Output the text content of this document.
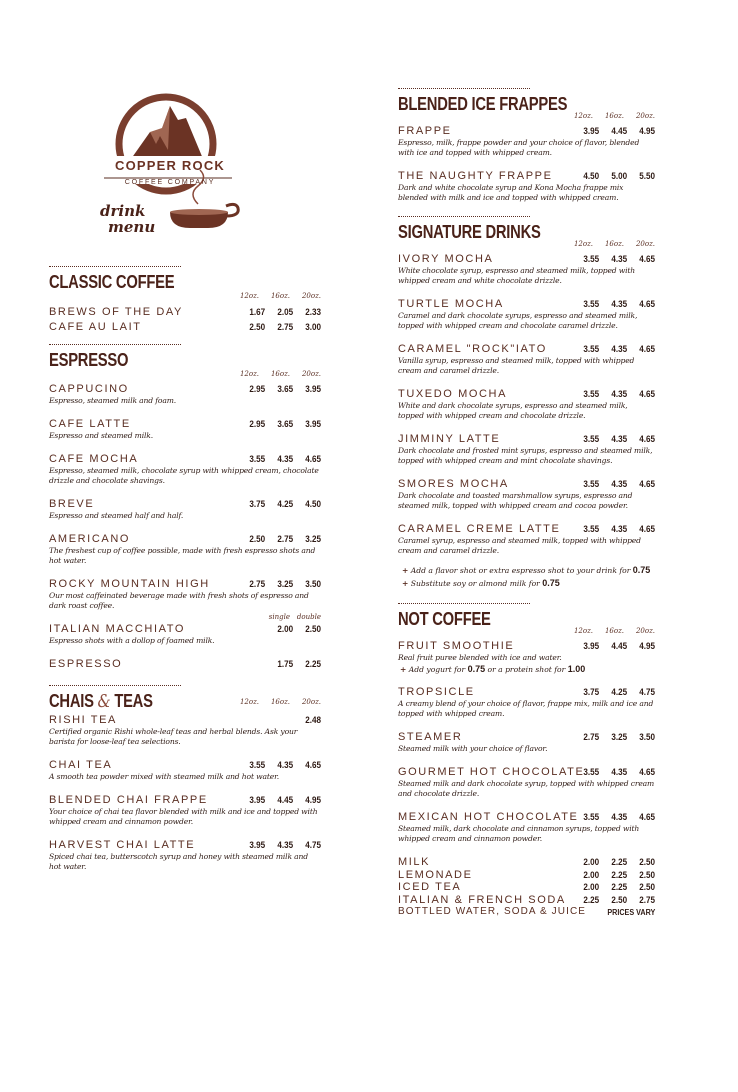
COPPER ROCK
COFFEE COMPANY
drink
menu
CLASSIC COFFEE
12oz. 16oz. 20oz.
BREWS OF THE DAY	1.67 2.05 2.33
CAFE AU LAIT	2.50 2.75 3.00
ESPRESSO
12oz. 16oz. 20oz.
CAPPUCINO	2.95 3.65 3.95
Espresso, steamed milk and foam.
CAFE LATTE	2.95 3.65 3.95
Espresso and steamed milk.
CAFE MOCHA	3.55 4.35 4.65
Espresso, steamed milk, chocolate syrup with whipped cream, chocolate drizzle and chocolate shavings.
BREVE	3.75 4.25 4.50
Espresso and steamed half and half.
AMERICANO	2.50 2.75 3.25
The freshest cup of coffee possible, made with fresh espresso shots and hot water.
ROCKY MOUNTAIN HIGH	2.75 3.25 3.50
Our most caffeinated beverage made with fresh shots of espresso and dark roast coffee.
single double
ITALIAN MACCHIATO	2.00 2.50
Espresso shots with a dollop of foamed milk.
ESPRESSO	1.75 2.25
CHAIS & TEAS	12oz. 16oz. 20oz.
RISHI TEA	2.48
Certified organic Rishi whole-leaf teas and herbal blends. Ask your barista for loose-leaf tea selections.
CHAI TEA	3.55 4.35 4.65
A smooth tea powder mixed with steamed milk and hot water.
BLENDED CHAI FRAPPE	3.95 4.45 4.95
Your choice of chai tea flavor blended with milk and ice and topped with whipped cream and cinnamon powder.
HARVEST CHAI LATTE	3.95 4.35 4.75
Spiced chai tea, butterscotch syrup and honey with steamed milk and hot water.
BLENDED ICE FRAPPES
12oz. 16oz. 20oz.
FRAPPE	3.95 4.45 4.95
Espresso, milk, frappe powder and your choice of flavor, blended with ice and topped with whipped cream.
THE NAUGHTY FRAPPE	4.50 5.00 5.50
Dark and white chocolate syrup and Kona Mocha frappe mix blended with milk and ice and topped with whipped cream.
SIGNATURE DRINKS
12oz. 16oz. 20oz.
IVORY MOCHA	3.55 4.35 4.65
White chocolate syrup, espresso and steamed milk, topped with whipped cream and white chocolate drizzle.
TURTLE MOCHA	3.55 4.35 4.65
Caramel and dark chocolate syrups, espresso and steamed milk, topped with whipped cream and chocolate caramel drizzle.
CARAMEL "ROCK"IATO	3.55 4.35 4.65
Vanilla syrup, espresso and steamed milk, topped with whipped cream and caramel drizzle.
TUXEDO MOCHA	3.55 4.35 4.65
White and dark chocolate syrups, espresso and steamed milk, topped with whipped cream and chocolate drizzle.
JIMMINY LATTE	3.55 4.35 4.65
Dark chocolate and frosted mint syrups, espresso and steamed milk, topped with whipped cream and mint chocolate shavings.
SMORES MOCHA	3.55 4.35 4.65
Dark chocolate and toasted marshmallow syrups, espresso and steamed milk, topped with whipped cream and cocoa powder.
CARAMEL CREME LATTE	3.55 4.35 4.65
Caramel syrup, espresso and steamed milk, topped with whipped cream and caramel drizzle.
+ Add a flavor shot or extra espresso shot to your drink for 0.75
+ Substitute soy or almond milk for 0.75
NOT COFFEE
12oz. 16oz. 20oz.
FRUIT SMOOTHIE	3.95 4.45 4.95
Real fruit puree blended with ice and water.
+ Add yogurt for 0.75 or a protein shot for 1.00
TROPSICLE	3.75 4.25 4.75
A creamy blend of your choice of flavor, frappe mix, milk and ice and topped with whipped cream.
STEAMER	2.75 3.25 3.50
Steamed milk with your choice of flavor.
GOURMET HOT CHOCOLATE 3.55 4.35 4.65
Steamed milk and dark chocolate syrup, topped with whipped cream and chocolate drizzle.
MEXICAN HOT CHOCOLATE 3.55 4.35 4.65
Steamed milk, dark chocolate and cinnamon syrups, topped with whipped cream and cinnamon powder.
MILK	2.00 2.25 2.50
LEMONADE	2.00 2.25 2.50
ICED TEA	2.00 2.25 2.50
ITALIAN & FRENCH SODA	2.25 2.50 2.75
BOTTLED WATER, SODA & JUICE	PRICES VARY
